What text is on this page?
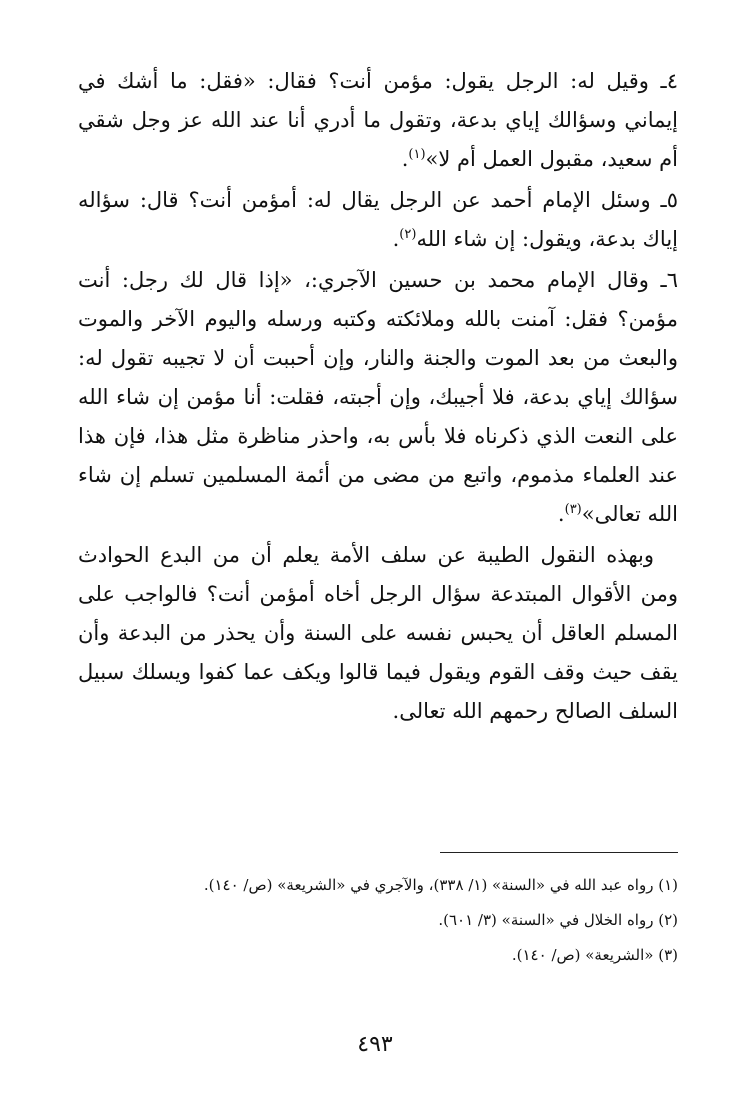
٤ـ وقيل له: الرجل يقول: مؤمن أنت؟ فقال: «فقل: ما أشك في إيماني وسؤالك إياي بدعة، وتقول ما أدري أنا عند الله عز وجل شقي أم سعيد، مقبول العمل أم لا»$^{(١)}$.

٥ـ وسئل الإمام أحمد عن الرجل يقال له: أمؤمن أنت؟ قال: سؤاله إياك بدعة، ويقول: إن شاء الله$^{(٢)}$.

٦ـ وقال الإمام محمد بن حسين الآجري:، «إذا قال لك رجل: أنت مؤمن؟ فقل: آمنت بالله وملائكته وكتبه ورسله واليوم الآخر والموت والبعث من بعد الموت والجنة والنار، وإن أحببت أن لا تجيبه تقول له: سؤالك إياي بدعة، فلا أجيبك، وإن أجبته، فقلت: أنا مؤمن إن شاء الله على النعت الذي ذكرناه فلا بأس به، واحذر مناظرة مثل هذا، فإن هذا عند العلماء مذموم، واتبع من مضى من أئمة المسلمين تسلم إن شاء الله تعالى»$^{(٣)}$.

وبهذه النقول الطيبة عن سلف الأمة يعلم أن من البدع الحوادث ومن الأقوال المبتدعة سؤال الرجل أخاه أمؤمن أنت؟ فالواجب على المسلم العاقل أن يحبس نفسه على السنة وأن يحذر من البدعة وأن يقف حيث وقف القوم ويقول فيما قالوا ويكف عما كفوا ويسلك سبيل السلف الصالح رحمهم الله تعالى.

(١) رواه عبد الله في «السنة» (١/ ٣٣٨)، والآجري في «الشريعة» (ص/ ١٤٠).

(٢) رواه الخلال في «السنة» (٣/ ٦٠١).

(٣) «الشريعة» (ص/ ١٤٠).

٤٩٣
